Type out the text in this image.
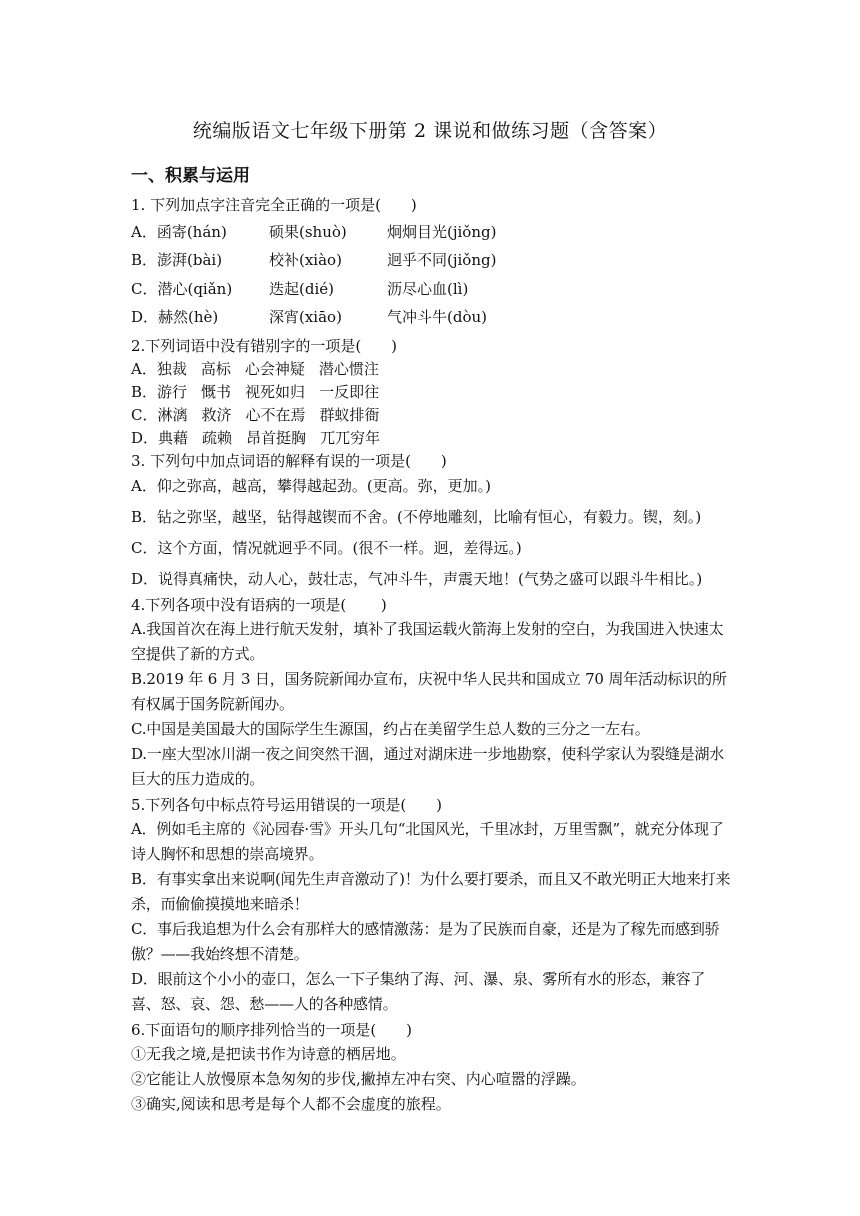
统编版语文七年级下册第 2 课说和做练习题（含答案）
一、积累与运用
1. 下列加点字注音完全正确的一项是(　　)
A．函寄(hán)	硕果(shuò)	炯炯目光(jiǒng)
B．澎湃(bài)	校补(xiào)	迥乎不同(jiǒng)
C．潜心(qiǎn)	迭起(dié)	沥尽心血(lì)
D．赫然(hè)	深宵(xiāo)	气冲斗牛(dòu)
2.下列词语中没有错别字的一项是(　　)
A．独裁 高标 心会神疑 潜心惯注
B．游行 慨书 视死如归 一反即往
C．淋漓 救济 心不在焉 群蚁排衙
D．典藉 疏赖 昂首挺胸 兀兀穷年
3. 下列句中加点词语的解释有误的一项是(　　)
A．仰之弥高，越高，攀得越起劲。(更高。弥，更加。)
B．钻之弥坚，越坚，钻得越锲而不舍。(不停地雕刻，比喻有恒心，有毅力。锲，刻。)
C．这个方面，情况就迥乎不同。(很不一样。迥，差得远。)
D．说得真痛快，动人心，鼓壮志，气冲斗牛，声震天地！(气势之盛可以跟斗牛相比。)
4.下列各项中没有语病的一项是(　　 )
A.我国首次在海上进行航天发射，填补了我国运载火箭海上发射的空白，为我国进入快速太空提供了新的方式。
B.2019 年 6 月 3 日，国务院新闻办宣布，庆祝中华人民共和国成立 70 周年活动标识的所有权属于国务院新闻办。
C.中国是美国最大的国际学生生源国，约占在美留学生总人数的三分之一左右。
D.一座大型冰川湖一夜之间突然干涸，通过对湖床进一步地勘察，使科学家认为裂缝是湖水巨大的压力造成的。
5.下列各句中标点符号运用错误的一项是(　　)
A．例如毛主席的《沁园春·雪》开头几句“北国风光，千里冰封，万里雪飘”，就充分体现了诗人胸怀和思想的崇高境界。
B．有事实拿出来说啊(闻先生声音激动了)！为什么要打要杀，而且又不敢光明正大地来打来杀，而偷偷摸摸地来暗杀！
C．事后我追想为什么会有那样大的感情激荡：是为了民族而自豪，还是为了稼先而感到骄傲？——我始终想不清楚。
D．眼前这个小小的壶口，怎么一下子集纳了海、河、瀑、泉、雾所有水的形态，兼容了喜、怒、哀、怨、愁——人的各种感情。
6.下面语句的顺序排列恰当的一项是(　　)
①无我之境,是把读书作为诗意的栖居地。
②它能让人放慢原本急匆匆的步伐,撇掉左冲右突、内心喧嚣的浮躁。
③确实,阅读和思考是每个人都不会虚度的旅程。
